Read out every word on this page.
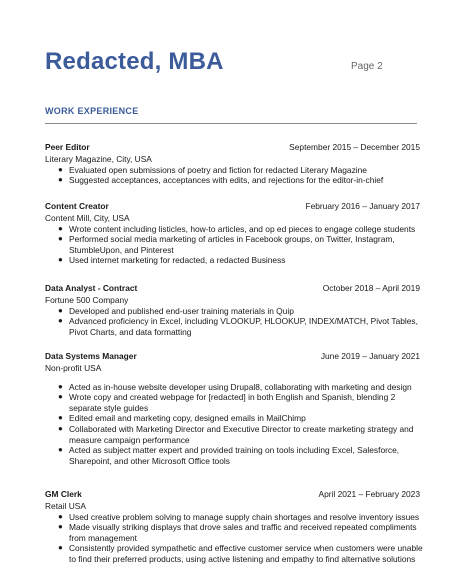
Redacted, MBA	Page 2
WORK EXPERIENCE
Peer Editor	September 2015 – December 2015
Literary Magazine, City, USA
● Evaluated open submissions of poetry and fiction for redacted Literary Magazine
● Suggested acceptances, acceptances with edits, and rejections for the editor-in-chief
Content Creator	February 2016 – January 2017
Content Mill, City, USA
● Wrote content including listicles, how-to articles, and op ed pieces to engage college students
● Performed social media marketing of articles in Facebook groups, on Twitter, Instagram, StumbleUpon, and Pinterest
● Used internet marketing for redacted, a redacted Business
Data Analyst - Contract	October 2018 – April 2019
Fortune 500 Company
● Developed and published end-user training materials in Quip
● Advanced proficiency in Excel, including VLOOKUP, HLOOKUP, INDEX/MATCH, Pivot Tables, Pivot Charts, and data formatting
Data Systems Manager	June 2019 – January 2021
Non-profit USA
● Acted as in-house website developer using Drupal8, collaborating with marketing and design
● Wrote copy and created webpage for [redacted] in both English and Spanish, blending 2 separate style guides
● Edited email and marketing copy, designed emails in MailChimp
● Collaborated with Marketing Director and Executive Director to create marketing strategy and measure campaign performance
● Acted as subject matter expert and provided training on tools including Excel, Salesforce, Sharepoint, and other Microsoft Office tools
GM Clerk	April 2021 – February 2023
Retail USA
● Used creative problem solving to manage supply chain shortages and resolve inventory issues
● Made visually striking displays that drove sales and traffic and received repeated compliments from management
● Consistently provided sympathetic and effective customer service when customers were unable to find their preferred products, using active listening and empathy to find alternative solutions
